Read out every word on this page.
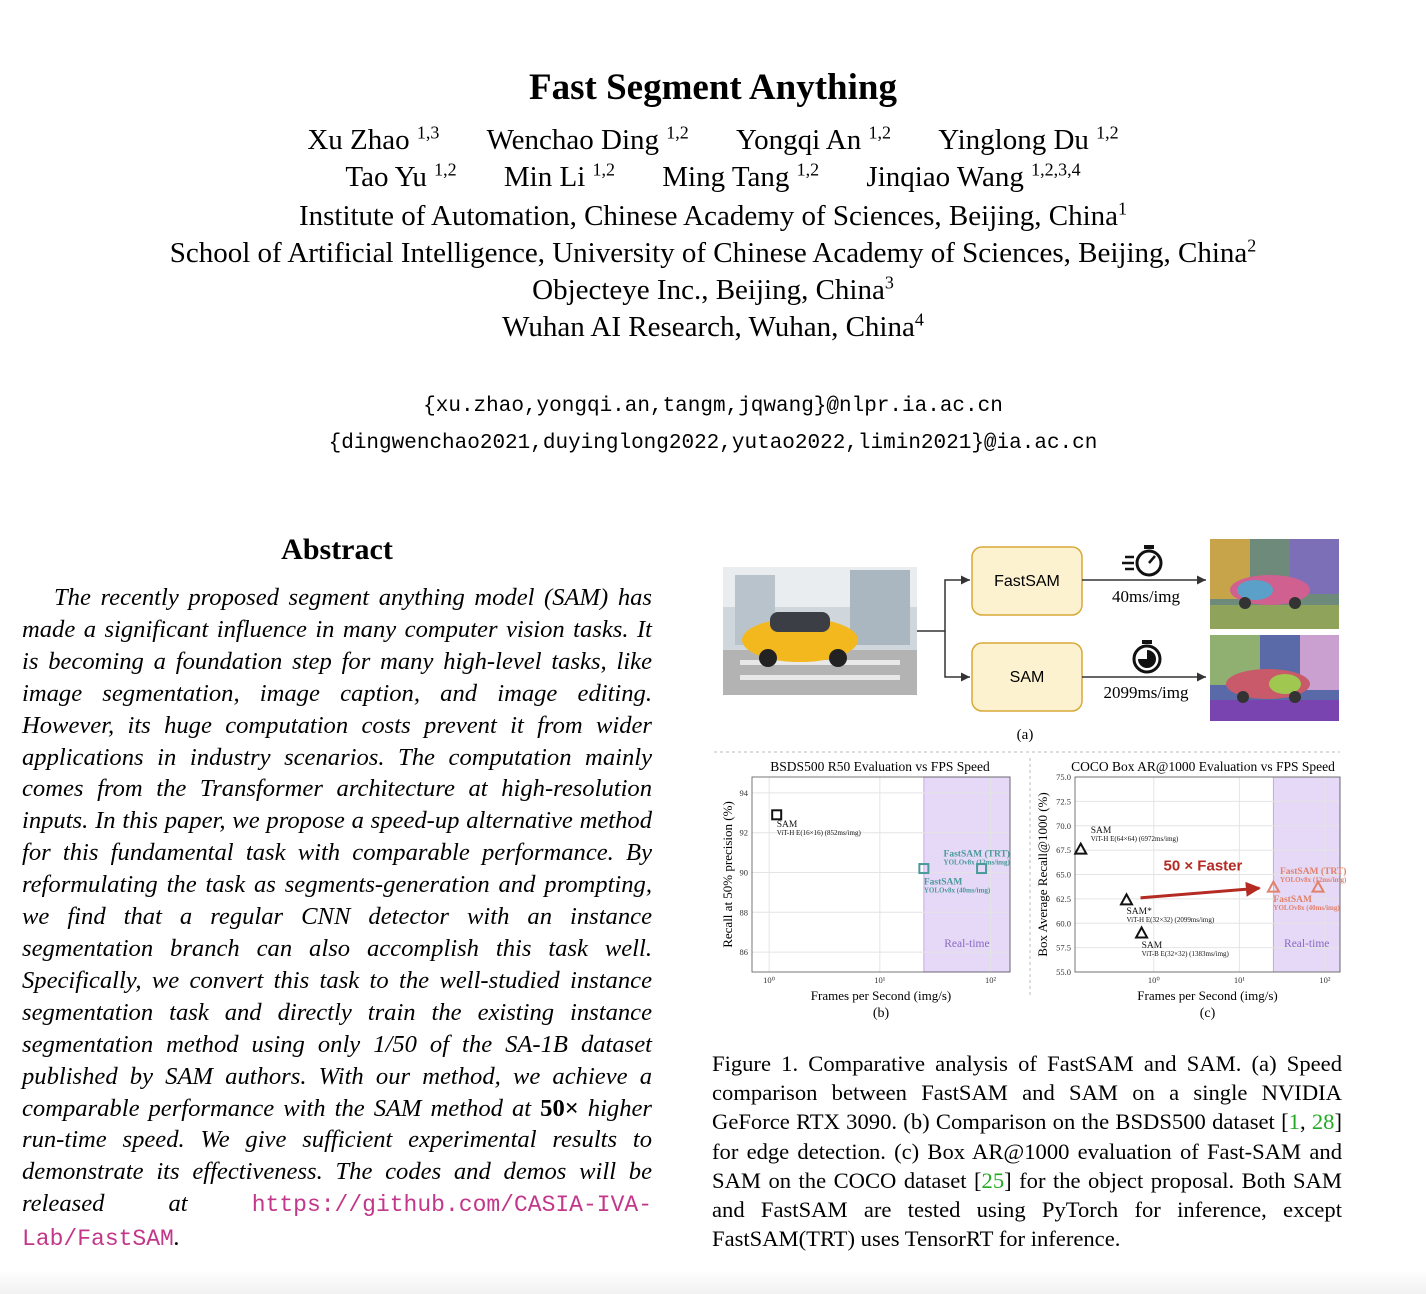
Fast Segment Anything
Xu Zhao $^{1,3}$ Wenchao Ding $^{1,2}$ Yongqi An $^{1,2}$ Yinglong Du $^{1,2}$
Tao Yu $^{1,2}$ Min Li $^{1,2}$ Ming Tang $^{1,2}$ Jinqiao Wang $^{1,2,3,4}$
Institute of Automation, Chinese Academy of Sciences, Beijing, China$^1$
School of Artificial Intelligence, University of Chinese Academy of Sciences, Beijing, China$^2$
Objecteye Inc., Beijing, China$^3$
Wuhan AI Research, Wuhan, China$^4$
{xu.zhao,yongqi.an,tangm,jqwang}@nlpr.ia.ac.cn
{dingwenchao2021,duyinglong2022,yutao2022,limin2021}@ia.ac.cn
Abstract
The recently proposed segment anything model (SAM) has made a significant influence in many computer vision tasks. It is becoming a foundation step for many high-level tasks, like image segmentation, image caption, and image editing. However, its huge computation costs prevent it from wider applications in industry scenarios. The computation mainly comes from the Transformer architecture at high-resolution inputs. In this paper, we propose a speed-up alternative method for this fundamental task with comparable performance. By reformulating the task as segments-generation and prompting, we find that a regular CNN detector with an instance segmentation branch can also accomplish this task well. Specifically, we convert this task to the well-studied instance segmentation task and directly train the existing instance segmentation method using only 1/50 of the SA-1B dataset published by SAM authors. With our method, we achieve a comparable performance with the SAM method at 50× higher run-time speed. We give sufficient experimental results to demonstrate its effectiveness. The codes and demos will be released at https://github.com/CASIA-IVA-Lab/FastSAM.
FastSAM
SAM
40ms/img
2099ms/img
(a)
86
88
90
92
94
10⁰	10¹	10²
BSDS500 R50 Evaluation vs FPS Speed
Frames per Second (img/s)
Recall at 50% precision (%)	Real-time
(b)
SAM
ViT-H E(16×16) (852ms/img)
FastSAM
YOLOv8x (40ms/img)
FastSAM (TRT)
YOLOv8x (12ms/img)
55.0
57.5
60.0
62.5
65.0
67.5
70.0
72.5
75.0
10⁰	10¹	10²
COCO Box AR@1000 Evaluation vs FPS Speed
Frames per Second (img/s)
Box Average Recall@1000 (%)	Real-time
(c)
50 × Faster
SAM
ViT-H E(64×64) (6972ms/img)
SAM*
ViT-H E(32×32) (2099ms/img)
SAM
ViT-B E(32×32) (1383ms/img)
FastSAM
YOLOv8x (40ms/img)
FastSAM (TRT)
YOLOv8x (12ms/img)
Figure 1. Comparative analysis of FastSAM and SAM. (a) Speed comparison between FastSAM and SAM on a single NVIDIA GeForce RTX 3090. (b) Comparison on the BSDS500 dataset [1, 28] for edge detection. (c) Box AR@1000 evaluation of Fast-SAM and SAM on the COCO dataset [25] for the object proposal. Both SAM and FastSAM are tested using PyTorch for inference, except FastSAM(TRT) uses TensorRT for inference.
